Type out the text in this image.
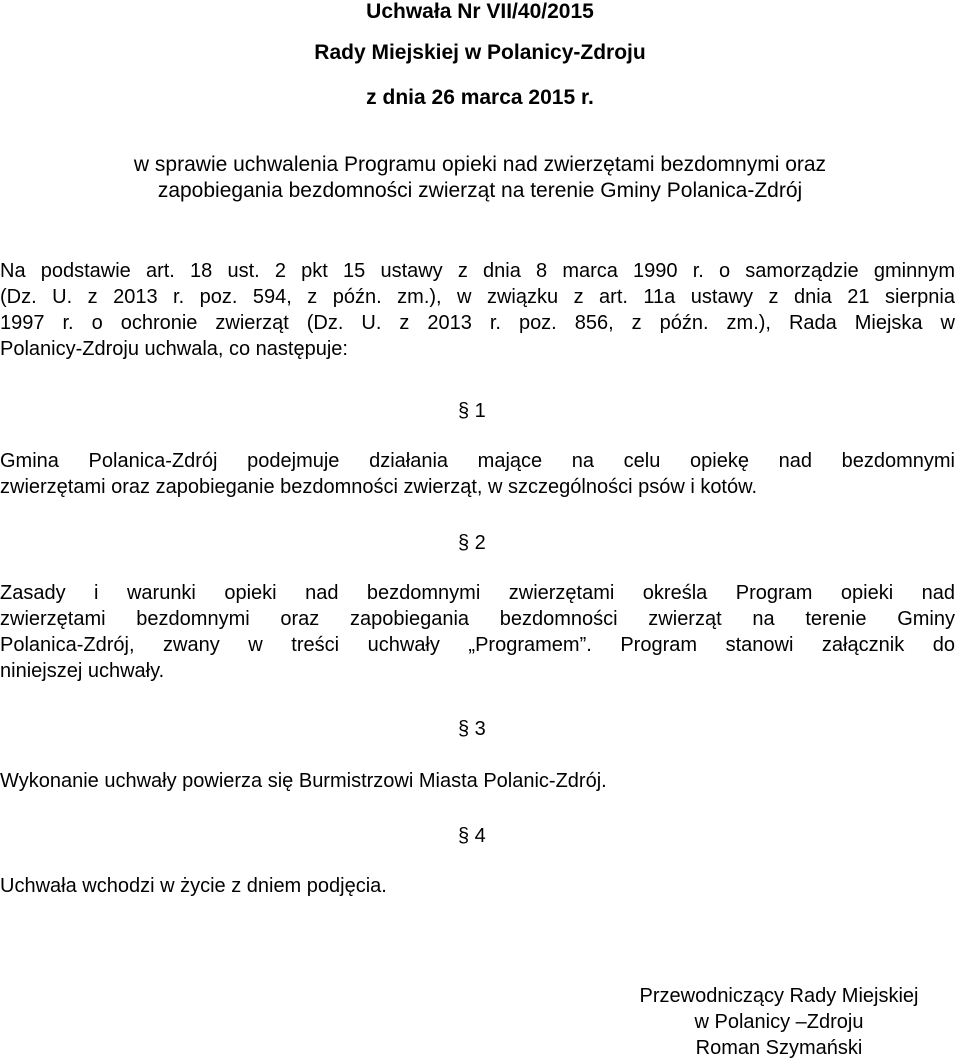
Uchwała Nr VII/40/2015
Rady Miejskiej w Polanicy-Zdroju
z dnia 26 marca 2015 r.
w sprawie uchwalenia Programu opieki nad zwierzętami bezdomnymi oraz
zapobiegania bezdomności zwierząt na terenie Gminy Polanica-Zdrój
Na podstawie art. 18 ust. 2 pkt 15 ustawy z dnia 8 marca 1990 r. o samorządzie gminnym
(Dz. U. z 2013 r. poz. 594, z późn. zm.), w związku z art. 11a ustawy z dnia 21 sierpnia
1997 r. o ochronie zwierząt (Dz. U. z 2013 r. poz. 856, z późn. zm.), Rada Miejska w
Polanicy-Zdroju uchwala, co następuje:
§ 1
Gmina Polanica-Zdrój podejmuje działania mające na celu opiekę nad bezdomnymi
zwierzętami oraz zapobieganie bezdomności zwierząt, w szczególności psów i kotów.
§ 2
Zasady i warunki opieki nad bezdomnymi zwierzętami określa Program opieki nad
zwierzętami bezdomnymi oraz zapobiegania bezdomności zwierząt na terenie Gminy
Polanica-Zdrój, zwany w treści uchwały „Programem”. Program stanowi załącznik do
niniejszej uchwały.
§ 3
Wykonanie uchwały powierza się Burmistrzowi Miasta Polanic-Zdrój.
§ 4
Uchwała wchodzi w życie z dniem podjęcia.
Przewodniczący Rady Miejskiej
w Polanicy –Zdroju
Roman Szymański
